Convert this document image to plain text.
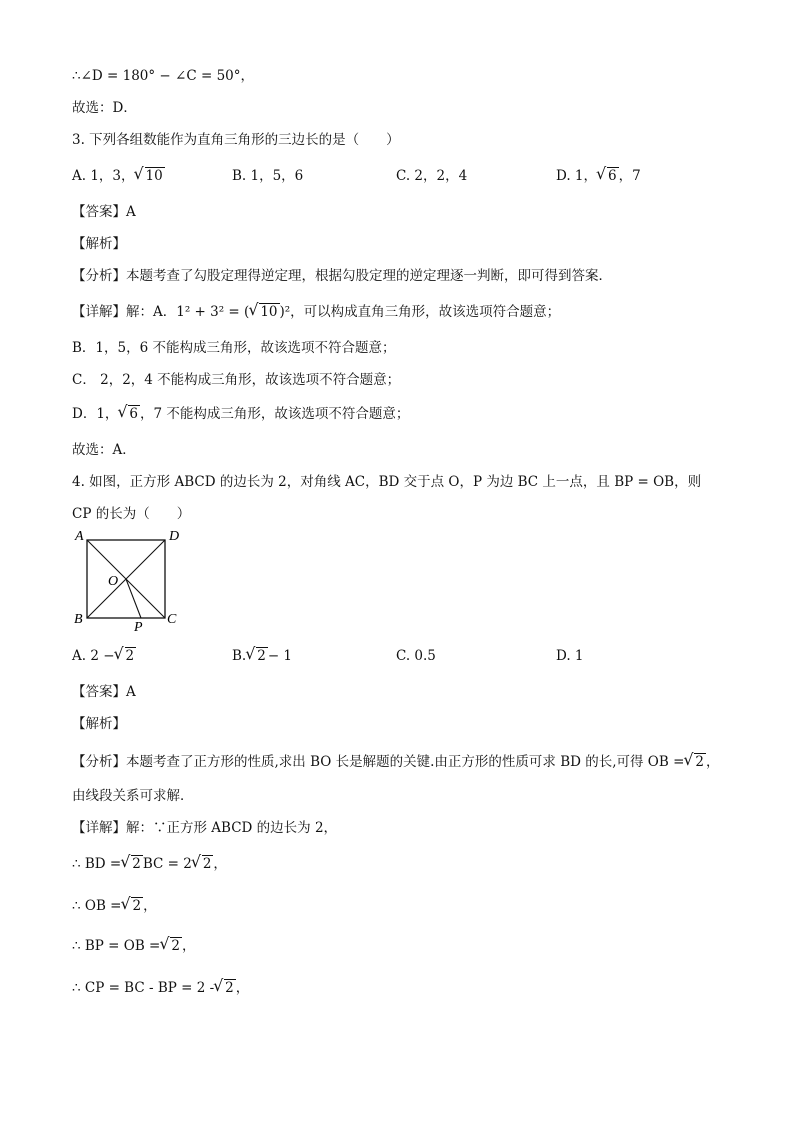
∴∠D = 180° − ∠C = 50°，
故选：D．
3. 下列各组数能作为直角三角形的三边长的是（　　）
A. 1，3， √ 10	B. 1，5，6	C. 2，2，4	D. 1， √ 6 ，7
【答案】A
【解析】
【分析】本题考查了勾股定理得逆定理，根据勾股定理的逆定理逐一判断，即可得到答案．
【详解】解：A．1² + 3² = ( √ 10 )²，可以构成直角三角形，故该选项符合题意；
B．1，5，6 不能构成三角形，故该选项不符合题意；
C． 2，2，4 不能构成三角形，故该选项不符合题意；
D．1， √ 6 ，7 不能构成三角形，故该选项不符合题意；
故选：A．
4. 如图，正方形 ABCD 的边长为 2，对角线 AC，BD 交于点 O，P 为边 BC 上一点，且 BP = OB，则
CP 的长为（　　）
A	D
B	C
O
P
A. 2 − √ 2	B. √ 2 − 1	C. 0.5	D. 1
【答案】A
【解析】
【分析】本题考查了正方形的性质,求出 BO 长是解题的关键.由正方形的性质可求 BD 的长,可得 OB = √ 2 ，
由线段关系可求解．
【详解】解：∵正方形 ABCD 的边长为 2，
∴ BD = √ 2 BC = 2 √ 2 ，
∴ OB = √ 2 ，
∴ BP = OB = √ 2 ，
∴ CP = BC - BP = 2 - √ 2 ，
